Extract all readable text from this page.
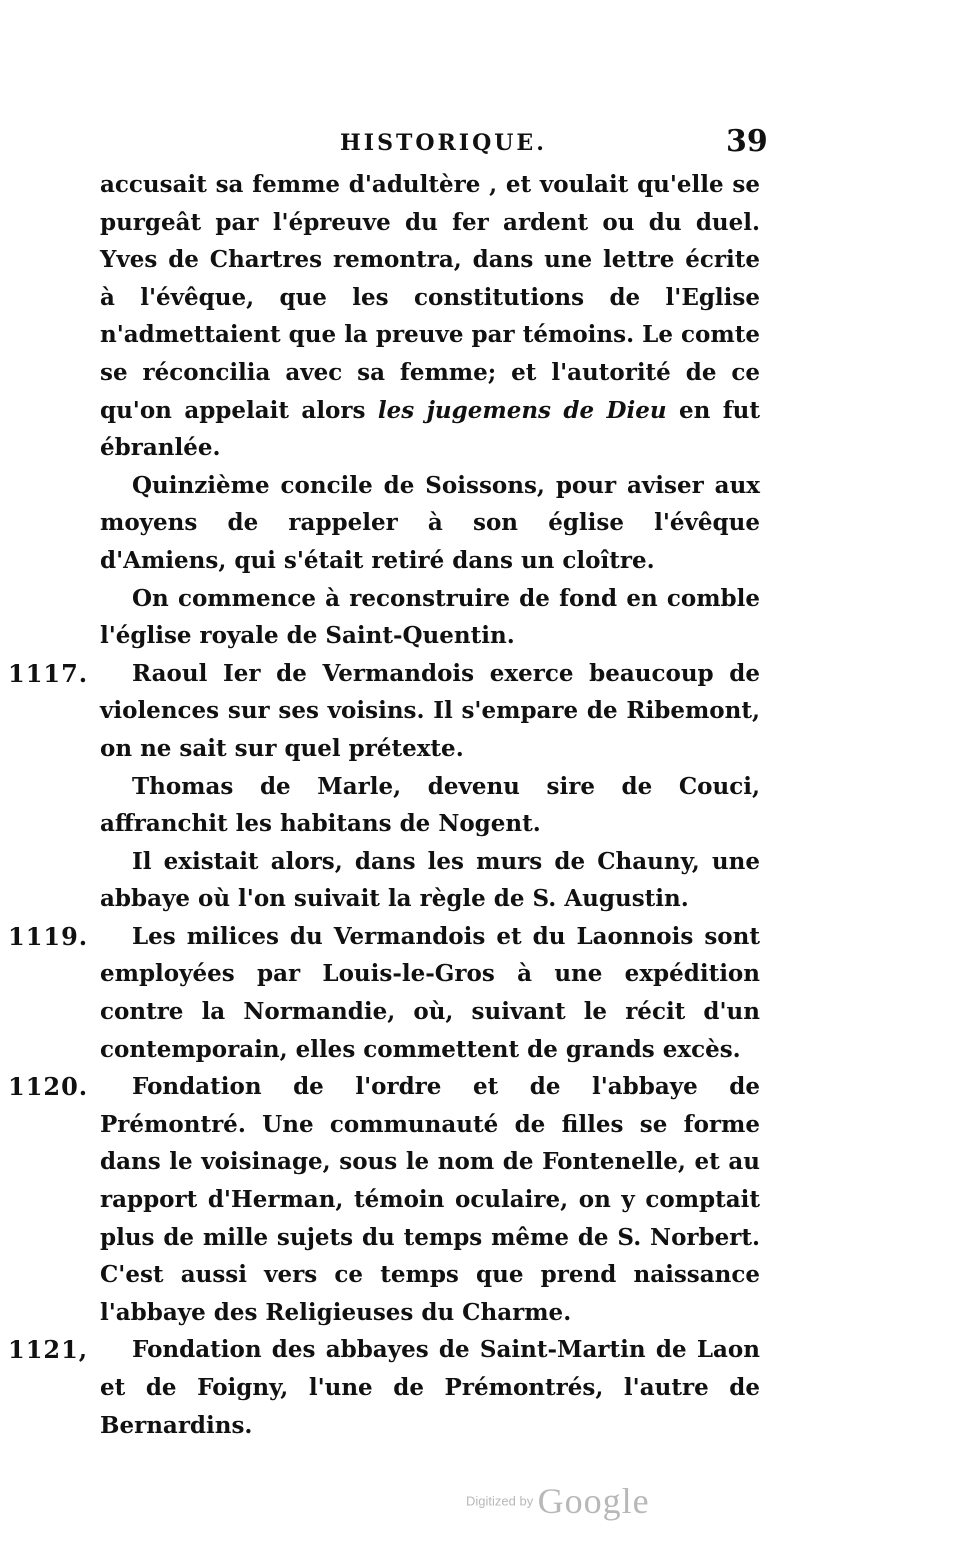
HISTORIQUE.	39

accusait sa femme d'adultère , et voulait qu'elle se purgeât par l'épreuve du fer ardent ou du duel. Yves de Chartres remontra, dans une lettre écrite à l'évêque, que les constitutions de l'Eglise n'admettaient que la preuve par témoins. Le comte se réconcilia avec sa femme; et l'autorité de ce qu'on appelait alors les jugemens de Dieu en fut ébranlée.

Quinzième concile de Soissons, pour aviser aux moyens de rappeler à son église l'évêque d'Amiens, qui s'était retiré dans un cloître.

On commence à reconstruire de fond en comble l'église royale de Saint-Quentin.

1117. Raoul Ier de Vermandois exerce beaucoup de violences sur ses voisins. Il s'empare de Ribemont, on ne sait sur quel prétexte.

Thomas de Marle, devenu sire de Couci, affranchit les habitans de Nogent.

Il existait alors, dans les murs de Chauny, une abbaye où l'on suivait la règle de S. Augustin.

1119. Les milices du Vermandois et du Laonnois sont employées par Louis-le-Gros à une expédition contre la Normandie, où, suivant le récit d'un contemporain, elles commettent de grands excès.

1120. Fondation de l'ordre et de l'abbaye de Prémontré. Une communauté de filles se forme dans le voisinage, sous le nom de Fontenelle, et au rapport d'Herman, témoin oculaire, on y comptait plus de mille sujets du temps même de S. Norbert. C'est aussi vers ce temps que prend naissance l'abbaye des Religieuses du Charme.

1121, Fondation des abbayes de Saint-Martin de Laon et de Foigny, l'une de Prémontrés, l'autre de Bernardins.

Digitized by Google
